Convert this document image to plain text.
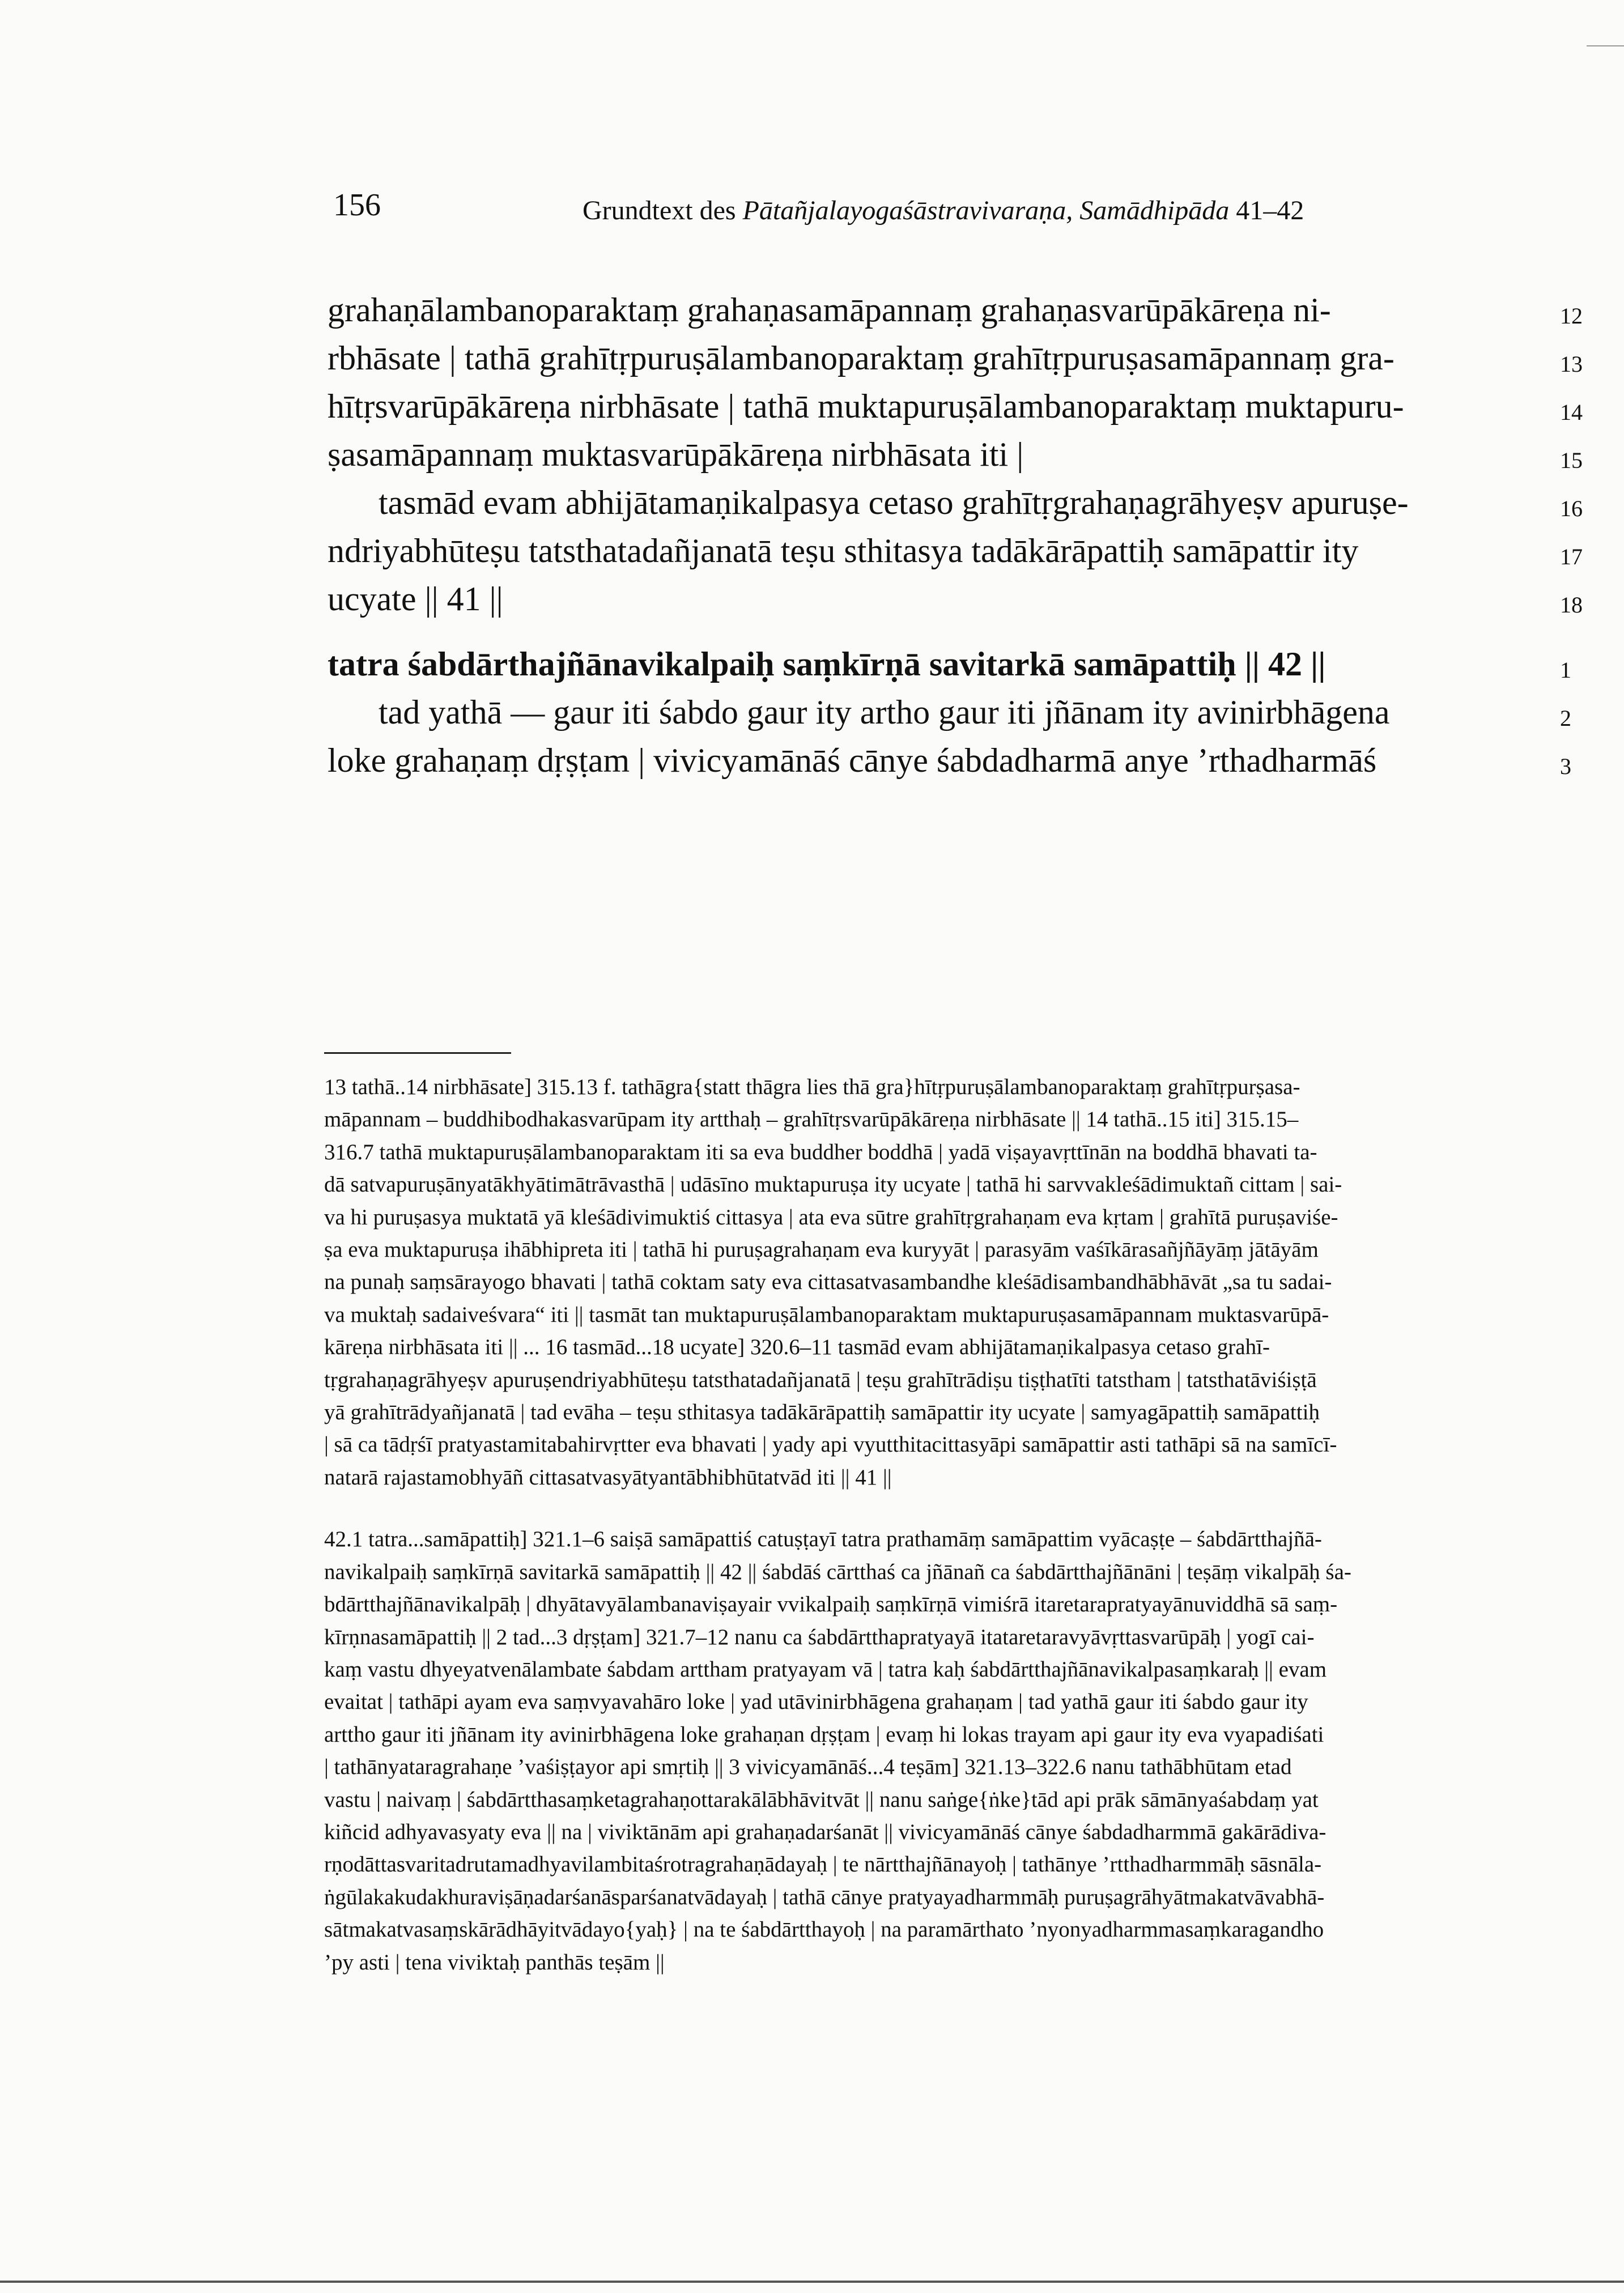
156	Grundtext des Pātañjalayogaśāstravivaraṇa, Samādhipāda 41–42
grahaṇālambanoparaktaṃ grahaṇasamāpannaṃ grahaṇasvarūpākāreṇa ni-	12
rbhāsate | tathā grahītṛpuruṣālambanoparaktaṃ grahītṛpuruṣasamāpannaṃ gra-	13
hītṛsvarūpākāreṇa nirbhāsate | tathā muktapuruṣālambanoparaktaṃ muktapuru-	14
ṣasamāpannaṃ muktasvarūpākāreṇa nirbhāsata iti |	15
tasmād evam abhijātamaṇikalpasya cetaso grahītṛgrahaṇagrāhyeṣv apuruṣe-	16
ndriyabhūteṣu tatsthatadañjanatā teṣu sthitasya tadākārāpattiḥ samāpattir ity	17
ucyate || 41 ||	18
tatra śabdārthajñānavikalpaiḥ saṃkīrṇā savitarkā samāpattiḥ || 42 ||	1
tad yathā — gaur iti śabdo gaur ity artho gaur iti jñānam ity avinirbhāgena	2
loke grahaṇaṃ dṛṣṭam | vivicyamānāś cānye śabdadharmā anye ’rthadharmāś	3
13 tathā..14 nirbhāsate] 315.13 f. tathāgra{statt thāgra lies thā gra}hītṛpuruṣālambanoparaktaṃ grahītṛpurṣasa-
māpannam – buddhibodhakasvarūpam ity artthaḥ – grahītṛsvarūpākāreṇa nirbhāsate || 14 tathā..15 iti] 315.15–
316.7 tathā muktapuruṣālambanoparaktam iti sa eva buddher boddhā | yadā viṣayavṛttīnān na boddhā bhavati ta-
dā satvapuruṣānyatākhyātimātrāvasthā | udāsīno muktapuruṣa ity ucyate | tathā hi sarvvakleśādimuktañ cittam | sai-
va hi puruṣasya muktatā yā kleśādivimuktiś cittasya | ata eva sūtre grahītṛgrahaṇam eva kṛtam | grahītā puruṣaviśe-
ṣa eva muktapuruṣa ihābhipreta iti | tathā hi puruṣagrahaṇam eva kuryyāt | parasyām vaśīkārasañjñāyāṃ jātāyām
na punaḥ saṃsārayogo bhavati | tathā coktam saty eva cittasatvasambandhe kleśādisambandhābhāvāt „sa tu sadai-
va muktaḥ sadaiveśvara“ iti || tasmāt tan muktapuruṣālambanoparaktam muktapuruṣasamāpannam muktasvarūpā-
kāreṇa nirbhāsata iti || ... 16 tasmād...18 ucyate] 320.6–11 tasmād evam abhijātamaṇikalpasya cetaso grahī-
tṛgrahaṇagrāhyeṣv apuruṣendriyabhūteṣu tatsthatadañjanatā | teṣu grahītrādiṣu tiṣṭhatīti tatstham | tatsthatāviśiṣṭā
yā grahītrādyañjanatā | tad evāha – teṣu sthitasya tadākārāpattiḥ samāpattir ity ucyate | samyagāpattiḥ samāpattiḥ
| sā ca tādṛśī pratyastamitabahirvṛtter eva bhavati | yady api vyutthitacittasyāpi samāpattir asti tathāpi sā na samīcī-
natarā rajastamobhyāñ cittasatvasyātyantābhibhūtatvād iti || 41 ||
42.1 tatra...samāpattiḥ] 321.1–6 saiṣā samāpattiś catuṣṭayī tatra prathamāṃ samāpattim vyācaṣṭe – śabdārtthajñā-
navikalpaiḥ saṃkīrṇā savitarkā samāpattiḥ || 42 || śabdāś cārtthaś ca jñānañ ca śabdārtthajñānāni | teṣāṃ vikalpāḥ śa-
bdārtthajñānavikalpāḥ | dhyātavyālambanaviṣayair vvikalpaiḥ saṃkīrṇā vimiśrā itaretarapratyayānuviddhā sā saṃ-
kīrṇnasamāpattiḥ || 2 tad...3 dṛṣṭam] 321.7–12 nanu ca śabdārtthapratyayā itataretaravyāvṛttasvarūpāḥ | yogī cai-
kaṃ vastu dhyeyatvenālambate śabdam arttham pratyayam vā | tatra kaḥ śabdārtthajñānavikalpasaṃkaraḥ || evam
evaitat | tathāpi ayam eva saṃvyavahāro loke | yad utāvinirbhāgena grahaṇam | tad yathā gaur iti śabdo gaur ity
arttho gaur iti jñānam ity avinirbhāgena loke grahaṇan dṛṣṭam | evaṃ hi lokas trayam api gaur ity eva vyapadiśati
| tathānyataragrahaṇe ’vaśiṣṭayor api smṛtiḥ || 3 vivicyamānāś...4 teṣām] 321.13–322.6 nanu tathābhūtam etad
vastu | naivaṃ | śabdārtthasaṃketagrahaṇottarakālābhāvitvāt || nanu saṅge{ṅke}tād api prāk sāmānyaśabdaṃ yat
kiñcid adhyavasyaty eva || na | viviktānām api grahaṇadarśanāt || vivicyamānāś cānye śabdadharmmā gakārādiva-
rṇodāttasvaritadrutamadhyavilambitaśrotragrahaṇādayaḥ | te nārtthajñānayoḥ | tathānye ’rtthadharmmāḥ sāsnāla-
ṅgūlakakudakhuraviṣāṇadarśanāsparśanatvādayaḥ | tathā cānye pratyayadharmmāḥ puruṣagrāhyātmakatvāvabhā-
sātmakatvasaṃskārādhāyitvādayo{yaḥ} | na te śabdārtthayoḥ | na paramārthato ’nyonyadharmmasaṃkaragandho
’py asti | tena viviktaḥ panthās teṣām ||
